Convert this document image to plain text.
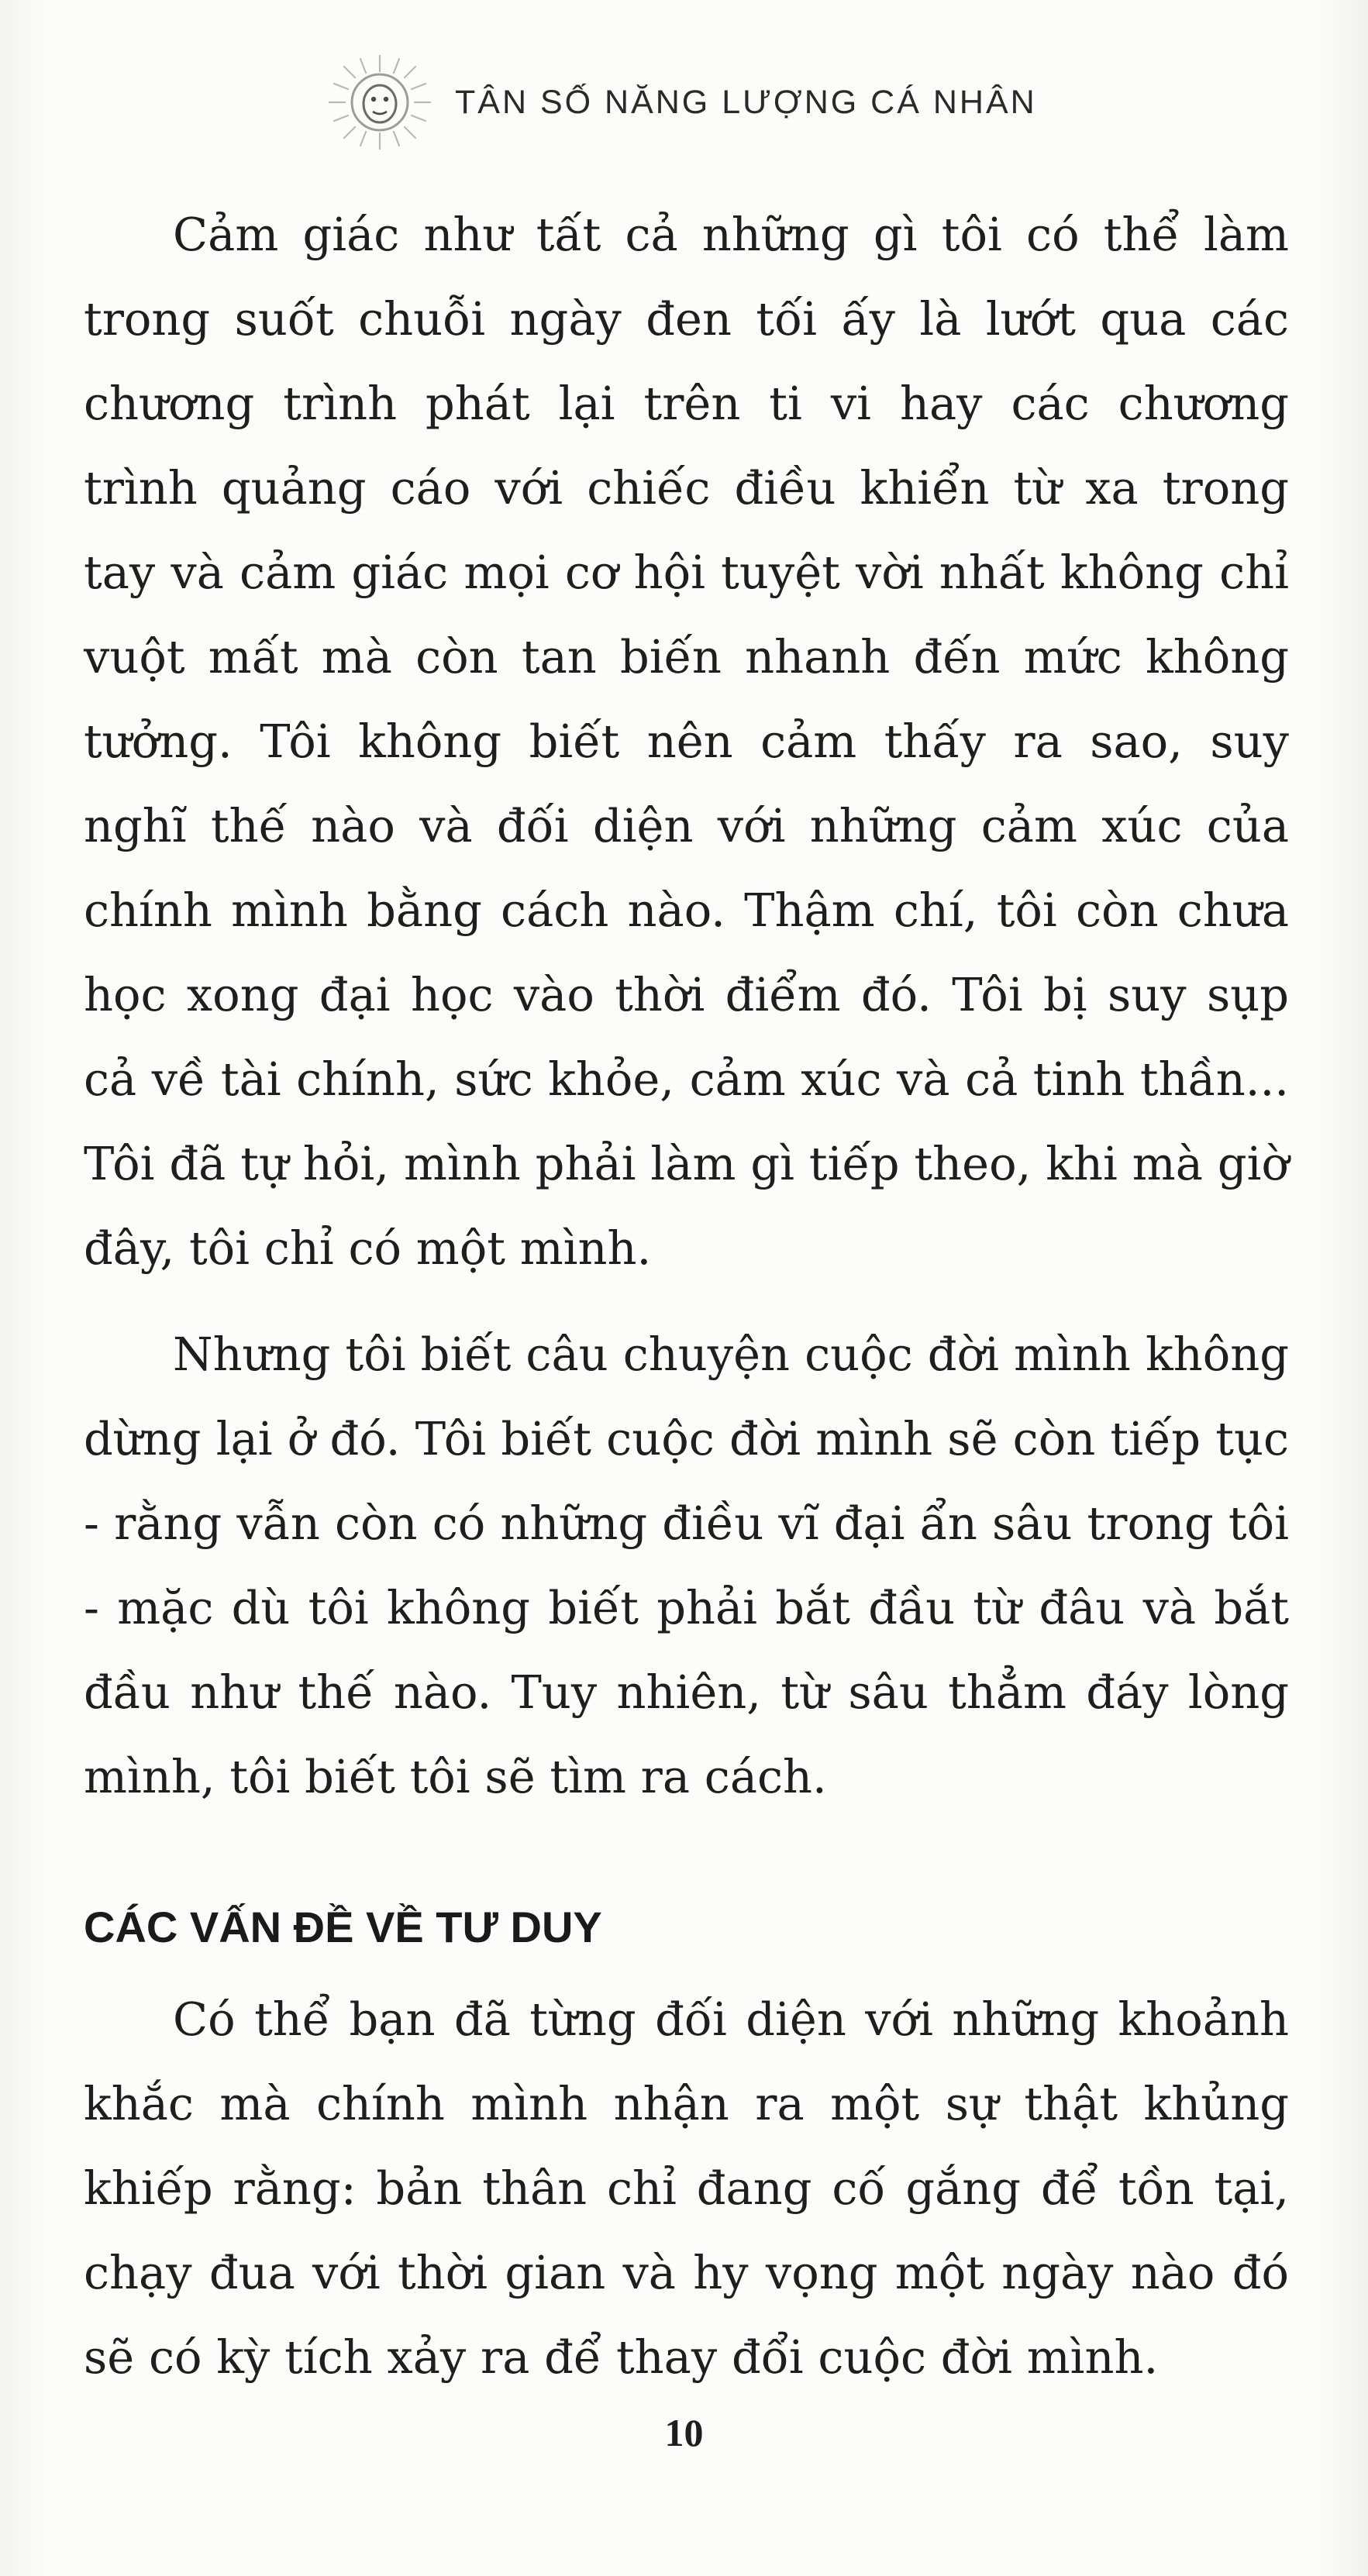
TÂN SỐ NĂNG LƯỢNG CÁ NHÂN

Cảm giác như tất cả những gì tôi có thể làm trong suốt chuỗi ngày đen tối ấy là lướt qua các chương trình phát lại trên ti vi hay các chương trình quảng cáo với chiếc điều khiển từ xa trong tay và cảm giác mọi cơ hội tuyệt vời nhất không chỉ vuột mất mà còn tan biến nhanh đến mức không tưởng. Tôi không biết nên cảm thấy ra sao, suy nghĩ thế nào và đối diện với những cảm xúc của chính mình bằng cách nào. Thậm chí, tôi còn chưa học xong đại học vào thời điểm đó. Tôi bị suy sụp cả về tài chính, sức khỏe, cảm xúc và cả tinh thần... Tôi đã tự hỏi, mình phải làm gì tiếp theo, khi mà giờ đây, tôi chỉ có một mình.

Nhưng tôi biết câu chuyện cuộc đời mình không dừng lại ở đó. Tôi biết cuộc đời mình sẽ còn tiếp tục - rằng vẫn còn có những điều vĩ đại ẩn sâu trong tôi - mặc dù tôi không biết phải bắt đầu từ đâu và bắt đầu như thế nào. Tuy nhiên, từ sâu thẳm đáy lòng mình, tôi biết tôi sẽ tìm ra cách.

CÁC VẤN ĐỀ VỀ TƯ DUY

Có thể bạn đã từng đối diện với những khoảnh khắc mà chính mình nhận ra một sự thật khủng khiếp rằng: bản thân chỉ đang cố gắng để tồn tại, chạy đua với thời gian và hy vọng một ngày nào đó sẽ có kỳ tích xảy ra để thay đổi cuộc đời mình.

10
